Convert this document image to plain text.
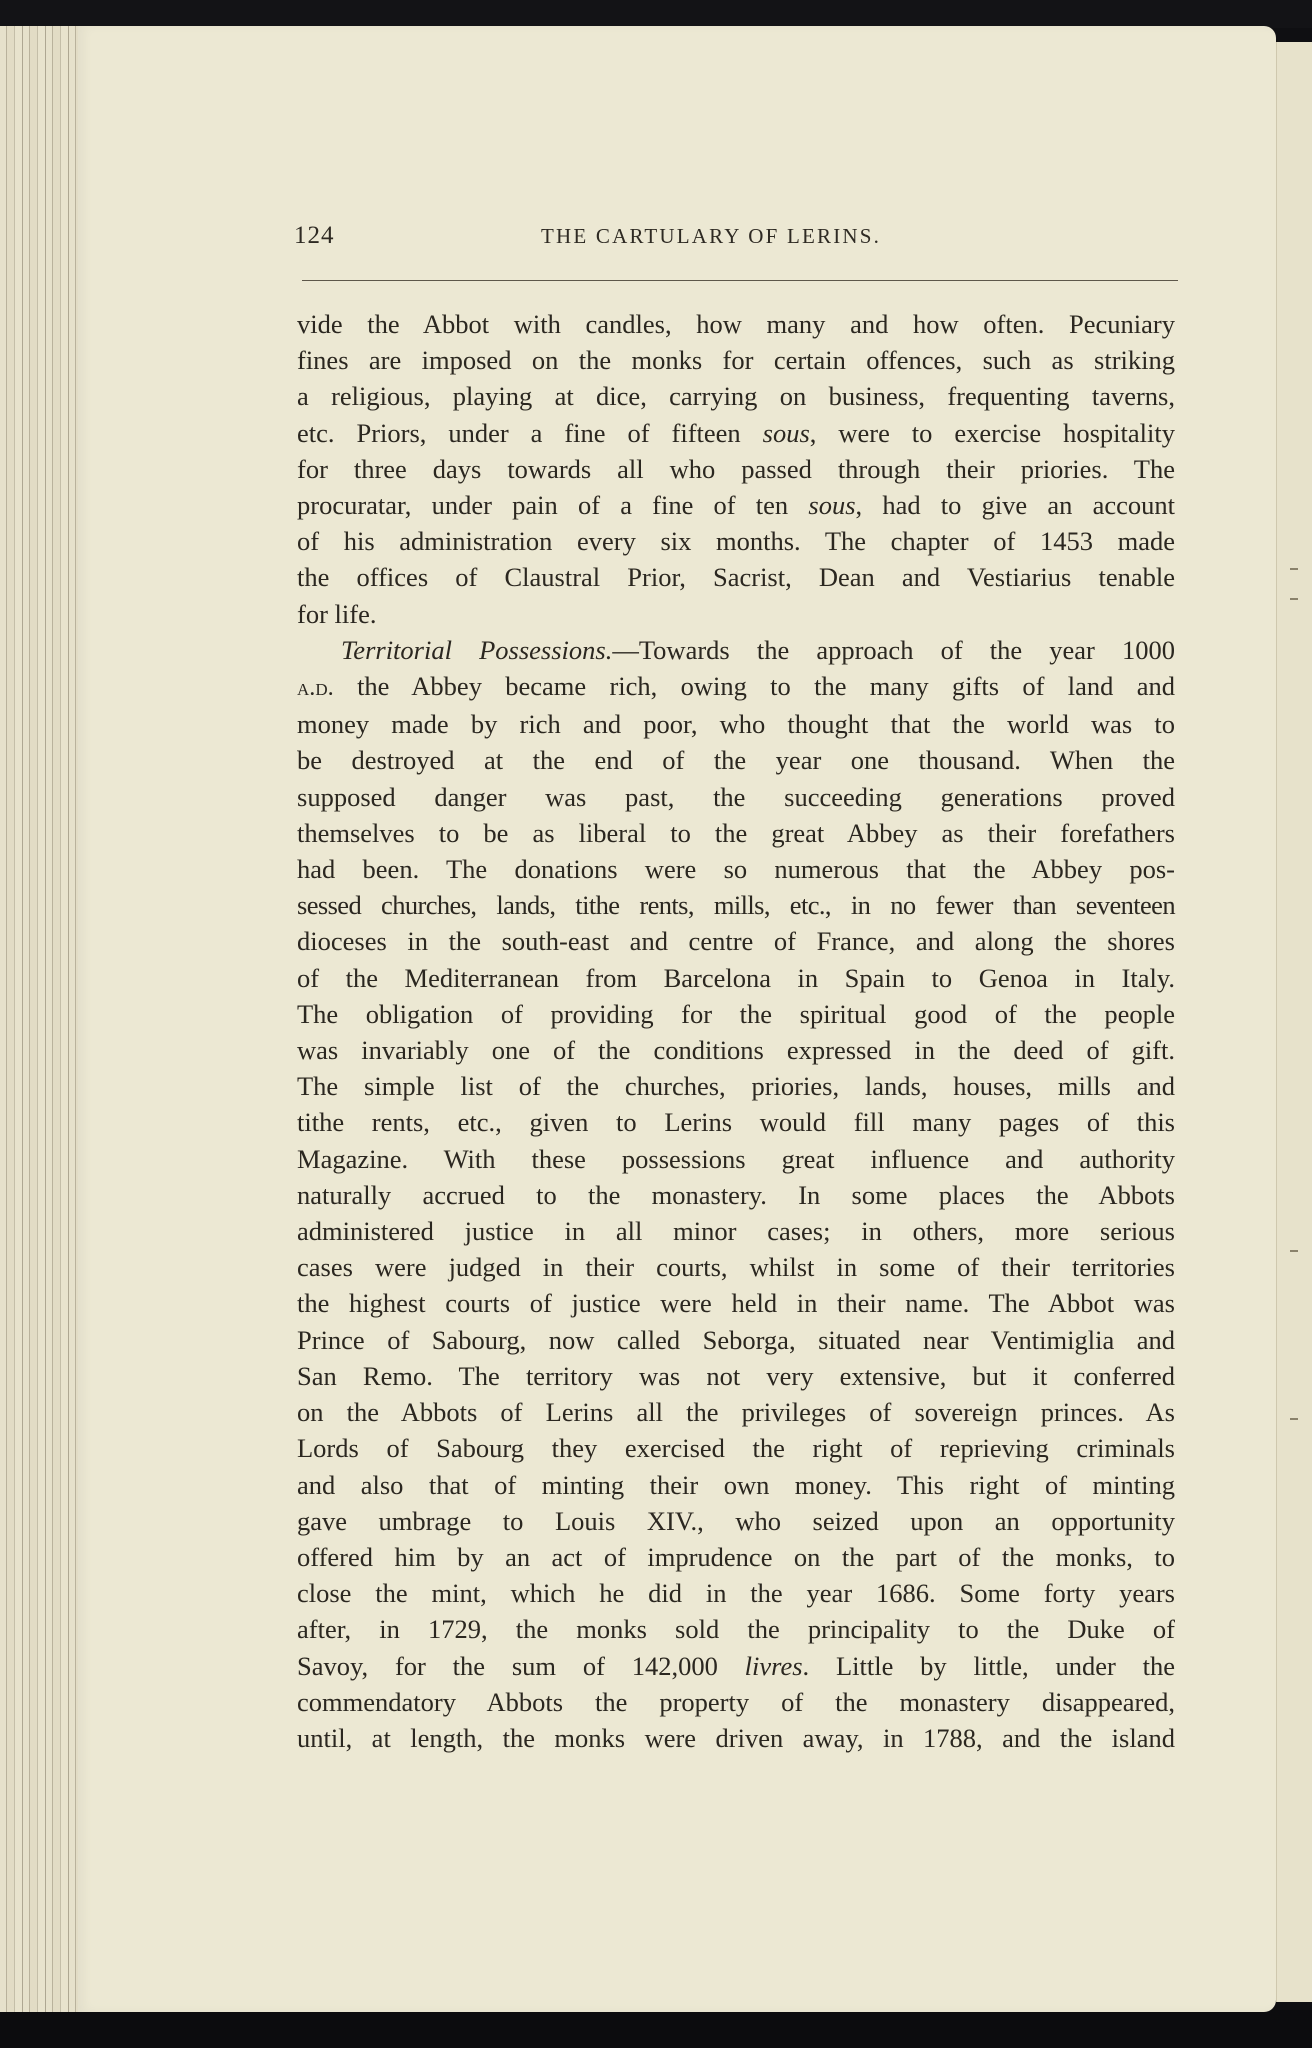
124	THE CARTULARY OF LERINS.
vide the Abbot with candles, how many and how often. Pecuniary
fines are imposed on the monks for certain offences, such as striking
a religious, playing at dice, carrying on business, frequenting taverns,
etc. Priors, under a fine of fifteen sous, were to exercise hospitality
for three days towards all who passed through their priories. The
procuratar, under pain of a fine of ten sous, had to give an account
of his administration every six months. The chapter of 1453 made
the offices of Claustral Prior, Sacrist, Dean and Vestiarius tenable
for life.
Territorial Possessions.—Towards the approach of the year 1000
a.d. the Abbey became rich, owing to the many gifts of land and
money made by rich and poor, who thought that the world was to
be destroyed at the end of the year one thousand. When the
supposed danger was past, the succeeding generations proved
themselves to be as liberal to the great Abbey as their forefathers
had been. The donations were so numerous that the Abbey pos-
sessed churches, lands, tithe rents, mills, etc., in no fewer than seventeen
dioceses in the south-east and centre of France, and along the shores
of the Mediterranean from Barcelona in Spain to Genoa in Italy.
The obligation of providing for the spiritual good of the people
was invariably one of the conditions expressed in the deed of gift.
The simple list of the churches, priories, lands, houses, mills and
tithe rents, etc., given to Lerins would fill many pages of this
Magazine. With these possessions great influence and authority
naturally accrued to the monastery. In some places the Abbots
administered justice in all minor cases; in others, more serious
cases were judged in their courts, whilst in some of their territories
the highest courts of justice were held in their name. The Abbot was
Prince of Sabourg, now called Seborga, situated near Ventimiglia and
San Remo. The territory was not very extensive, but it conferred
on the Abbots of Lerins all the privileges of sovereign princes. As
Lords of Sabourg they exercised the right of reprieving criminals
and also that of minting their own money. This right of minting
gave umbrage to Louis XIV., who seized upon an opportunity
offered him by an act of imprudence on the part of the monks, to
close the mint, which he did in the year 1686. Some forty years
after, in 1729, the monks sold the principality to the Duke of
Savoy, for the sum of 142,000 livres. Little by little, under the
commendatory Abbots the property of the monastery disappeared,
until, at length, the monks were driven away, in 1788, and the island
